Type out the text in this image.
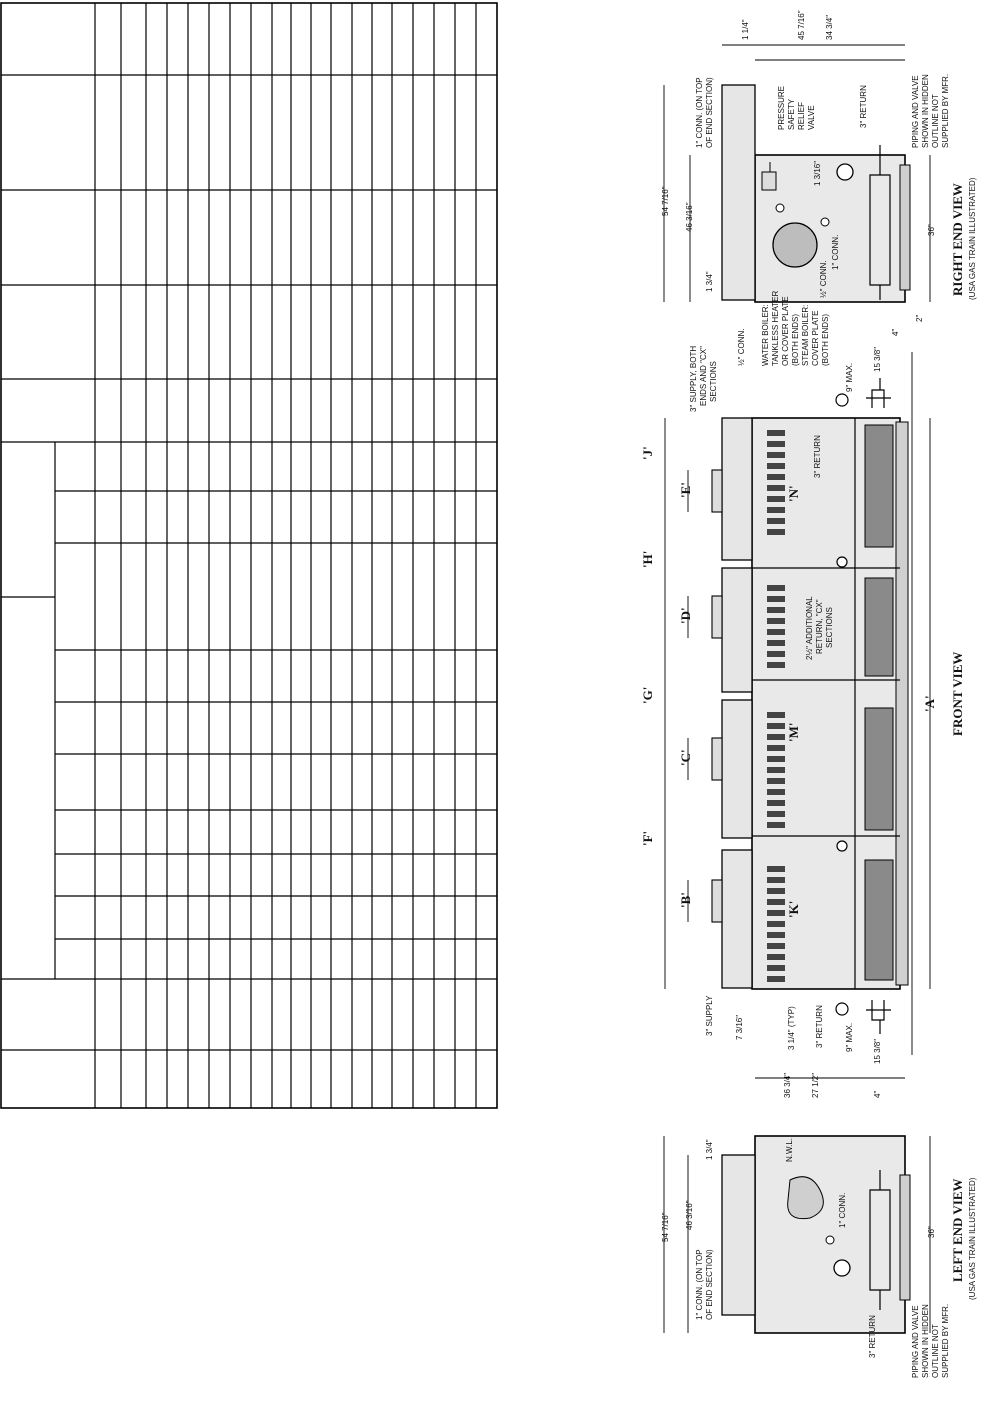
'J'
'E'
'H'
'D'
'G'
'C'
'F'
'B'
'N'
'M'
'K'
'A'
3" SUPPLY
3" SUPPLY, BOTH ENDS AND "CX" SECTIONS
3" RETURN
3" RETURN
2½" ADDITIONAL RETURN, "CX" SECTIONS
9" MAX.
9" MAX.
15 3/8"
15 3/8"
3 1/4" (TYP)
7 3/16"
FRONT VIEW
54 7/16" 46 3/16"
1 3/4"
36 3/4" 27 1/2"	4"
36"
N.W.L.
1" CONN.
1" CONN. (ON TOP OF END SECTION)
3" RETURN	PIPING AND VALVE SHOWN IN HIDDEN OUTLINE NOT SUPPLIED BY MFR.
LEFT END VIEW (USA GAS TRAIN ILLUSTRATED)
54 7/16"
46 3/16"
1 3/4"
1 1/4"	45 7/16" 34 3/4"
1 3/16"
36"
4"
2"
1" CONN. (ON TOP OF END SECTION)	PRESSURE SAFETY RELIEF VALVE	3" RETURN
1" CONN.
½" CONN.
½" CONN. WATER BOILER: TANKLESS HEATER OR COVER PLATE (BOTH ENDS) STEAM BOILER: COVER PLATE (BOTH ENDS)
PIPING AND VALVE SHOWN IN HIDDEN OUTLINE NOT SUPPLIED BY MFR.
RIGHT END VIEW (USA GAS TRAIN ILLUSTRATED)
